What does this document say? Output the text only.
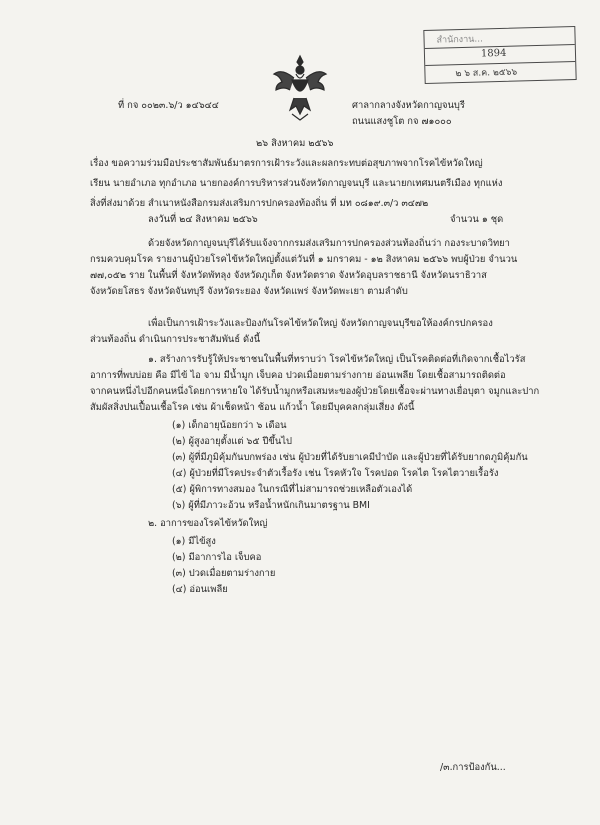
สำนักงาน...
1894
๒ ๖ ส.ค. ๒๕๖๖
ที่ กจ ๐๐๒๓.๖/ว ๑๔๖๔๔	ศาลากลางจังหวัดกาญจนบุรี
ถนนแสงชูโต กจ ๗๑๐๐๐
๒๖ สิงหาคม ๒๕๖๖
เรื่อง ขอความร่วมมือประชาสัมพันธ์มาตรการเฝ้าระวังและผลกระทบต่อสุขภาพจากโรคไข้หวัดใหญ่
เรียน นายอำเภอ ทุกอำเภอ นายกองค์การบริหารส่วนจังหวัดกาญจนบุรี และนายกเทศมนตรีเมือง ทุกแห่ง
สิ่งที่ส่งมาด้วย สำเนาหนังสือกรมส่งเสริมการปกครองท้องถิ่น ที่ มท ๐๘๑๙.๓/ว ๓๔๗๒
ลงวันที่ ๒๔ สิงหาคม ๒๕๖๖	จำนวน ๑ ชุด
ด้วยจังหวัดกาญจนบุรีได้รับแจ้งจากกรมส่งเสริมการปกครองส่วนท้องถิ่นว่า กองระบาดวิทยา
กรมควบคุมโรค รายงานผู้ป่วยโรคไข้หวัดใหญ่ตั้งแต่วันที่ ๑ มกราคม - ๑๒ สิงหาคม ๒๕๖๖ พบผู้ป่วย จำนวน
๗๗,๐๕๒ ราย ในพื้นที่ จังหวัดพัทลุง จังหวัดภูเก็ต จังหวัดตราด จังหวัดอุบลราชธานี จังหวัดนราธิวาส
จังหวัดยโสธร จังหวัดจันทบุรี จังหวัดระยอง จังหวัดแพร่ จังหวัดพะเยา ตามลำดับ
เพื่อเป็นการเฝ้าระวังและป้องกันโรคไข้หวัดใหญ่ จังหวัดกาญจนบุรีขอให้องค์กรปกครอง
ส่วนท้องถิ่น ดำเนินการประชาสัมพันธ์ ดังนี้
๑. สร้างการรับรู้ให้ประชาชนในพื้นที่ทราบว่า โรคไข้หวัดใหญ่ เป็นโรคติดต่อที่เกิดจากเชื้อไวรัส
อาการที่พบบ่อย คือ มีไข้ ไอ จาม มีน้ำมูก เจ็บคอ ปวดเมื่อยตามร่างกาย อ่อนเพลีย โดยเชื้อสามารถติดต่อ
จากคนหนึ่งไปอีกคนหนึ่งโดยการหายใจ ได้รับน้ำมูกหรือเสมหะของผู้ป่วยโดยเชื้อจะผ่านทางเยื่อบุตา จมูกและปาก
สัมผัสสิ่งปนเปื้อนเชื้อโรค เช่น ผ้าเช็ดหน้า ช้อน แก้วน้ำ โดยมีบุคคลกลุ่มเสี่ยง ดังนี้
(๑) เด็กอายุน้อยกว่า ๖ เดือน
(๒) ผู้สูงอายุตั้งแต่ ๖๕ ปีขึ้นไป
(๓) ผู้ที่มีภูมิคุ้มกันบกพร่อง เช่น ผู้ป่วยที่ได้รับยาเคมีบำบัด และผู้ป่วยที่ได้รับยากดภูมิคุ้มกัน
(๔) ผู้ป่วยที่มีโรคประจำตัวเรื้อรัง เช่น โรคหัวใจ โรคปอด โรคไต โรคไตวายเรื้อรัง
(๕) ผู้พิการทางสมอง ในกรณีที่ไม่สามารถช่วยเหลือตัวเองได้
(๖) ผู้ที่มีภาวะอ้วน หรือน้ำหนักเกินมาตรฐาน BMI
๒. อาการของโรคไข้หวัดใหญ่
(๑) มีไข้สูง
(๒) มีอาการไอ เจ็บคอ
(๓) ปวดเมื่อยตามร่างกาย
(๔) อ่อนเพลีย
/๓.การป้องกัน...
